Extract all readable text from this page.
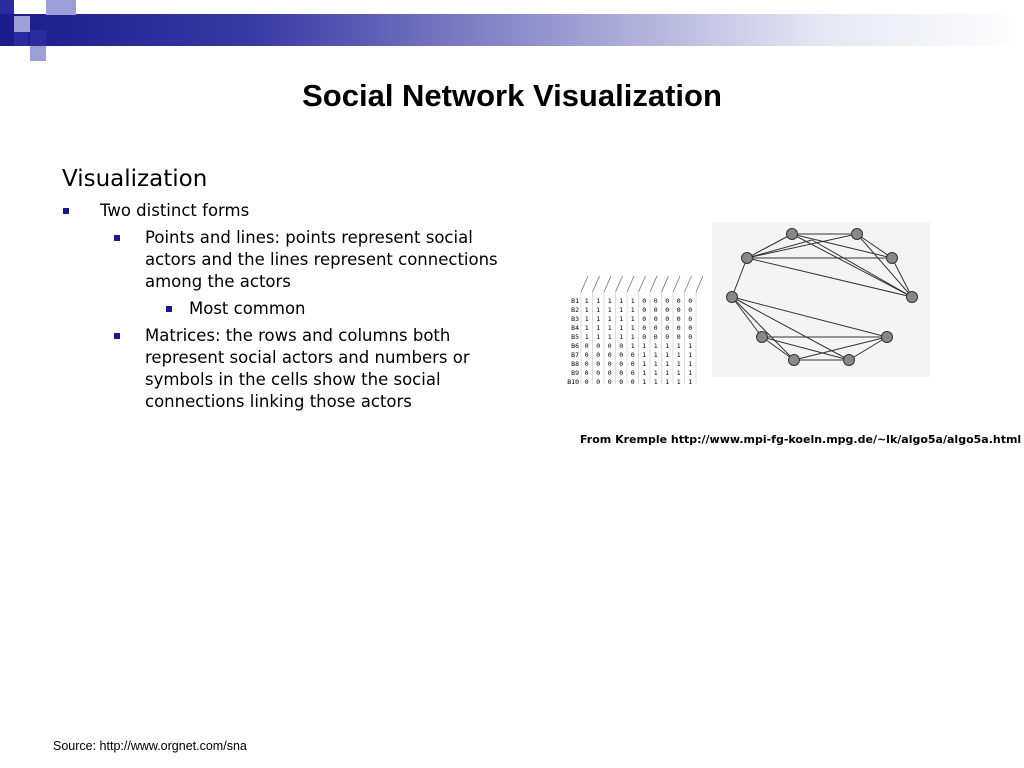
Social Network Visualization
Visualization
Two distinct forms
Points and lines: points represent social actors and the lines represent connections among the actors
Most common
Matrices: the rows and columns both represent social actors and numbers or symbols in the cells show the social connections linking those actors
B1 1 1 1 1 1 0 0 0 0 0
B2 1 1 1 1 1 0 0 0 0 0
B3 1 1 1 1 1 0 0 0 0 0
B4 1 1 1 1 1 0 0 0 0 0
B5 1 1 1 1 1 0 0 0 0 0
B6 0 0 0 0 1 1 1 1 1 1
B7 0 0 0 0 0 1 1 1 1 1
B8 0 0 0 0 0 1 1 1 1 1
B9 0 0 0 0 0 1 1 1 1 1
B10 0 0 0 0 0 1 1 1 1 1
From Kremple http://www.mpi-fg-koeln.mpg.de/~lk/algo5a/algo5a.html
Source: http://www.orgnet.com/sna
